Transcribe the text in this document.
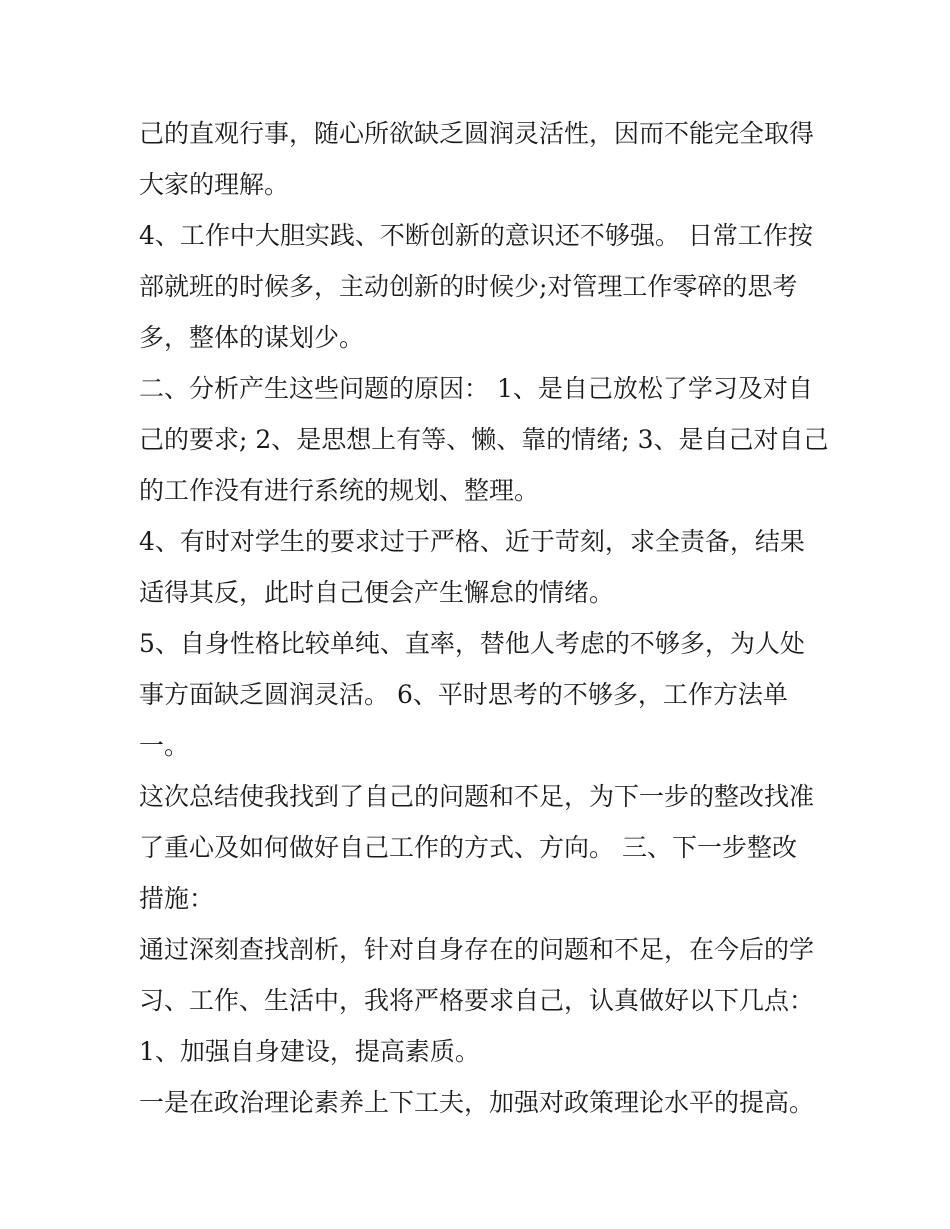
己的直观行事，随心所欲缺乏圆润灵活性，因而不能完全取得
大家的理解。
4、工作中大胆实践、不断创新的意识还不够强。 日常工作按
部就班的时候多，主动创新的时候少;对管理工作零碎的思考
多，整体的谋划少。
二、分析产生这些问题的原因： 1、是自己放松了学习及对自
己的要求; 2、是思想上有等、懒、靠的情绪; 3、是自己对自己
的工作没有进行系统的规划、整理。
4、有时对学生的要求过于严格、近于苛刻，求全责备，结果
适得其反，此时自己便会产生懈怠的情绪。
5、自身性格比较单纯、直率，替他人考虑的不够多，为人处
事方面缺乏圆润灵活。 6、平时思考的不够多，工作方法单
一。
这次总结使我找到了自己的问题和不足，为下一步的整改找准
了重心及如何做好自己工作的方式、方向。 三、下一步整改
措施：
通过深刻查找剖析，针对自身存在的问题和不足，在今后的学
习、工作、生活中，我将严格要求自己，认真做好以下几点：
1、加强自身建设，提高素质。
一是在政治理论素养上下工夫，加强对政策理论水平的提高。
